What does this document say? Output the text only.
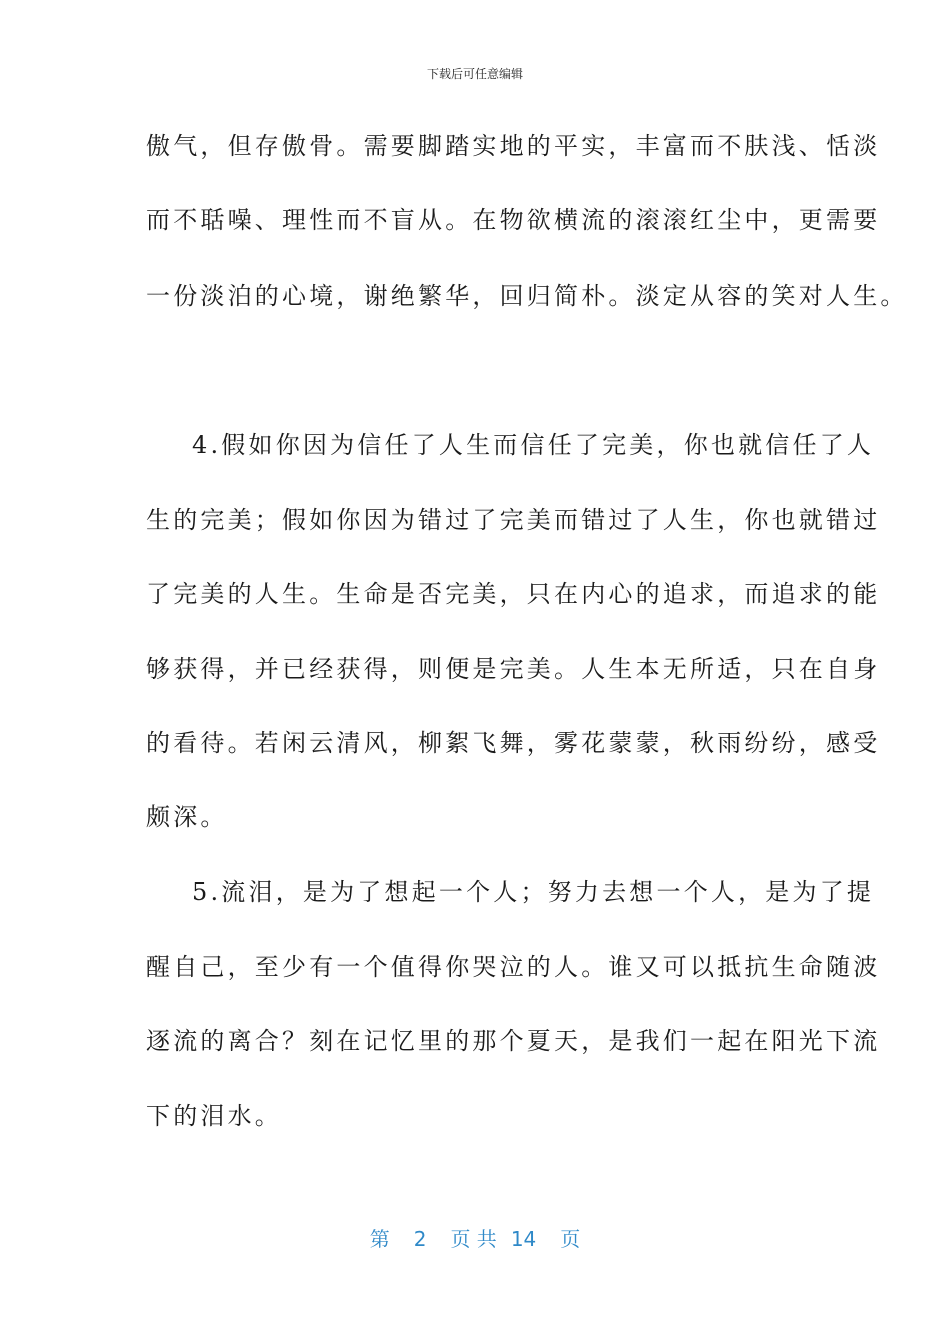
下载后可任意编辑
傲气，但存傲骨。需要脚踏实地的平实，丰富而不肤浅、恬淡
而不聒噪、理性而不盲从。在物欲横流的滚滚红尘中，更需要
一份淡泊的心境，谢绝繁华，回归简朴。淡定从容的笑对人生。
4.假如你因为信任了人生而信任了完美，你也就信任了人
生的完美；假如你因为错过了完美而错过了人生，你也就错过
了完美的人生。生命是否完美，只在内心的追求，而追求的能
够获得，并已经获得，则便是完美。人生本无所适，只在自身
的看待。若闲云清风，柳絮飞舞，雾花蒙蒙，秋雨纷纷，感受
颇深。
5.流泪，是为了想起一个人；努力去想一个人，是为了提
醒自己，至少有一个值得你哭泣的人。谁又可以抵抗生命随波
逐流的离合？刻在记忆里的那个夏天，是我们一起在阳光下流
下的泪水。
第 2 页 共 14 页
